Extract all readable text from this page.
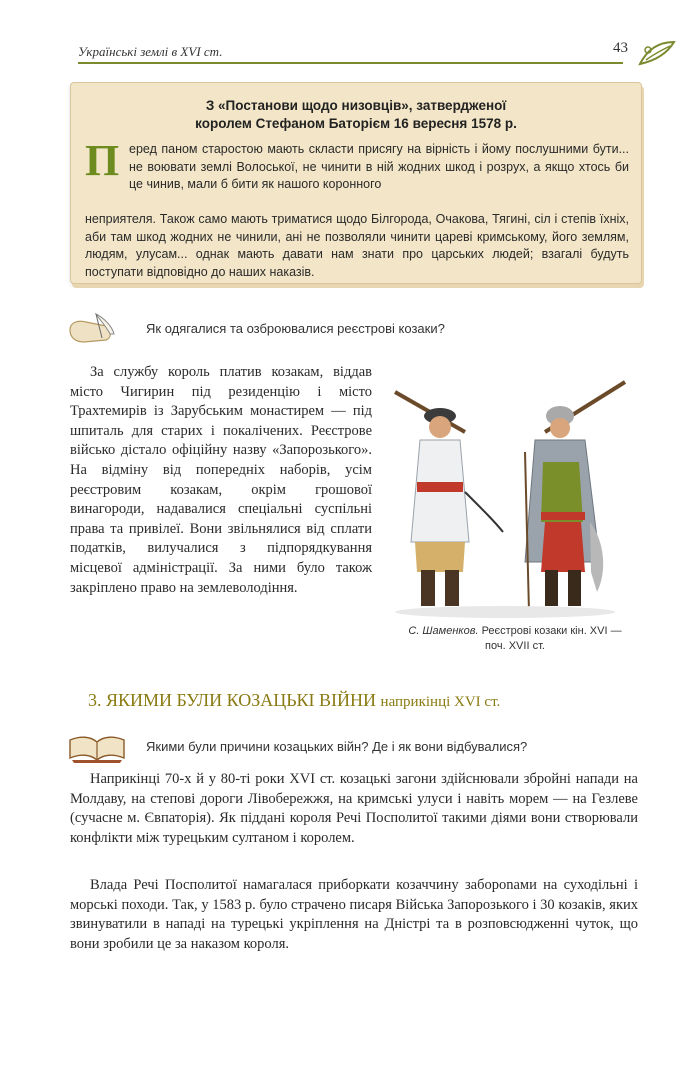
Українські землі в XVI ст.	43
З «Постанови щодо низовців», затвердженої
королем Стефаном Баторієм 16 вересня 1578 р.
П еред паном старостою мають скласти присягу на вірність і йому послушними бути... не воювати землі Волоської, не чинити в ній жодних шкод і розрух, а якщо хтось би це чинив, мали б бити як нашого коронного
неприятеля. Також само мають триматися щодо Білгорода, Очакова, Тягині, сіл і степів їхніх, аби там шкод жодних не чинили, ані не позволяли чинити цареві кримському, його землям, людям, улусам... однак мають давати нам знати про царських людей; взагалі будуть поступати відповідно до наших наказів.
Як одягалися та озброювалися реєстрові козаки?

За службу король платив козакам, віддав місто Чигирин під резиденцію і місто Трахтемирів із Зарубським монастирем — під шпиталь для старих і покалічених. Реєстрове військо дістало офіційну назву «Запорозького». На відміну від попередніх наборів, усім реєстровим козакам, окрім грошової винагороди, надавалися спеціальні суспільні права та привілеї. Вони звільнялися від сплати податків, вилучалися з підпорядкування місцевої адміністрації. За ними було також закріплено право на землеволодіння.

С. Шаменков. Реєстрові козаки кін. XVI — поч. XVII ст.
3. ЯКИМИ БУЛИ КОЗАЦЬКІ ВІЙНИ наприкінці XVI ст.
Якими були причини козацьких війн? Де і як вони відбувалися?

Наприкінці 70-х й у 80-ті роки XVI ст. козацькі загони здійснювали збройні напади на Молдаву, на степові дороги Лівобережжя, на кримські улуси і навіть морем — на Гезлеве (сучасне м. Євпаторія). Як піддані короля Речі Посполитої такими діями вони створювали конфлікти між турецьким султаном і королем.

Влада Речі Посполитої намагалася приборкати козаччину забороnами на суходільні і морські походи. Так, у 1583 р. було страчено писаря Війська Запорозького і 30 козаків, яких звинуватили в нападі на турецькі укріплення на Дністрі та в розповсюдженні чуток, що вони зробили це за наказом короля.
